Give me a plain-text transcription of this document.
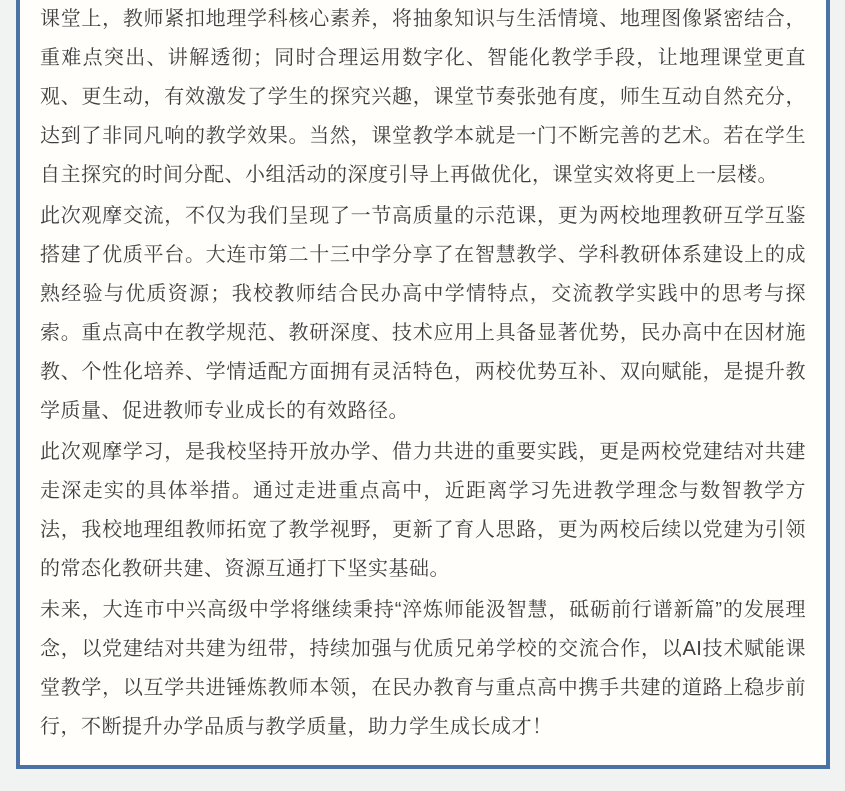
课堂上，教师紧扣地理学科核心素养，将抽象知识与生活情境、地理图像紧密结合，重难点突出、讲解透彻；同时合理运用数字化、智能化教学手段，让地理课堂更直观、更生动，有效激发了学生的探究兴趣，课堂节奏张弛有度，师生互动自然充分，达到了非同凡响的教学效果。当然，课堂教学本就是一门不断完善的艺术。若在学生自主探究的时间分配、小组活动的深度引导上再做优化，课堂实效将更上一层楼。

此次观摩交流，不仅为我们呈现了一节高质量的示范课，更为两校地理教研互学互鉴搭建了优质平台。大连市第二十三中学分享了在智慧教学、学科教研体系建设上的成熟经验与优质资源；我校教师结合民办高中学情特点，交流教学实践中的思考与探索。重点高中在教学规范、教研深度、技术应用上具备显著优势，民办高中在因材施教、个性化培养、学情适配方面拥有灵活特色，两校优势互补、双向赋能，是提升教学质量、促进教师专业成长的有效路径。

此次观摩学习，是我校坚持开放办学、借力共进的重要实践，更是两校党建结对共建走深走实的具体举措。通过走进重点高中，近距离学习先进教学理念与数智教学方法，我校地理组教师拓宽了教学视野，更新了育人思路，更为两校后续以党建为引领的常态化教研共建、资源互通打下坚实基础。

未来，大连市中兴高级中学将继续秉持“淬炼师能汲智慧，砥砺前行谱新篇”的发展理念，以党建结对共建为纽带，持续加强与优质兄弟学校的交流合作，以AI技术赋能课堂教学，以互学共进锤炼教师本领，在民办教育与重点高中携手共建的道路上稳步前行，不断提升办学品质与教学质量，助力学生成长成才！
